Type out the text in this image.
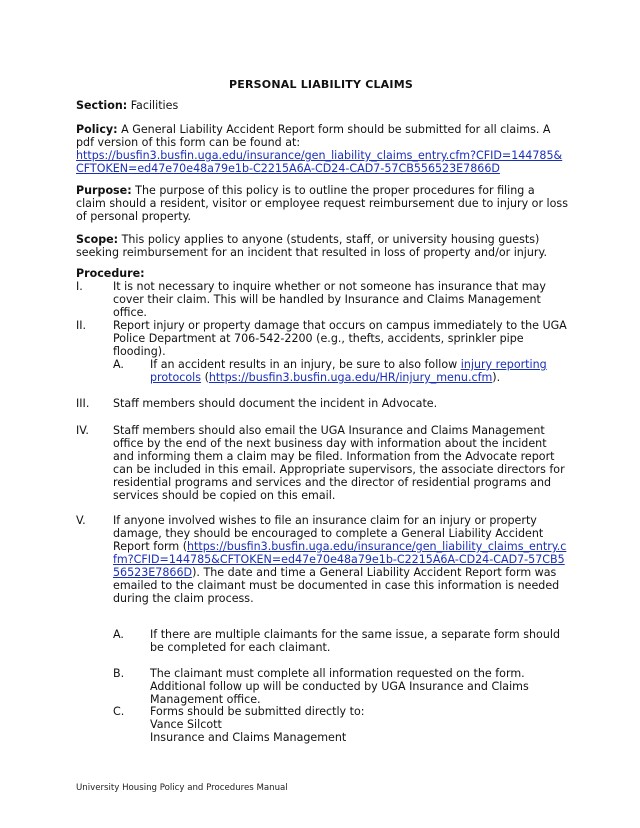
PERSONAL LIABILITY CLAIMS
Section: Facilities
Policy: A General Liability Accident Report form should be submitted for all claims. A pdf version of this form can be found at:
https://busfin3.busfin.uga.edu/insurance/gen_liability_claims_entry.cfm?CFID=144785&CFTOKEN=ed47e70e48a79e1b-C2215A6A-CD24-CAD7-57CB556523E7866D
Purpose: The purpose of this policy is to outline the proper procedures for filing a claim should a resident, visitor or employee request reimbursement due to injury or loss of personal property.
Scope: This policy applies to anyone (students, staff, or university housing guests) seeking reimbursement for an incident that resulted in loss of property and/or injury.
Procedure:
I.	It is not necessary to inquire whether or not someone has insurance that may cover their claim. This will be handled by Insurance and Claims Management office.
II.	Report injury or property damage that occurs on campus immediately to the UGA Police Department at 706-542-2200 (e.g., thefts, accidents, sprinkler pipe flooding).
A.	If an accident results in an injury, be sure to also follow injury reporting protocols (https://busfin3.busfin.uga.edu/HR/injury_menu.cfm).
III.	Staff members should document the incident in Advocate.
IV.	Staff members should also email the UGA Insurance and Claims Management office by the end of the next business day with information about the incident and informing them a claim may be filed. Information from the Advocate report can be included in this email. Appropriate supervisors, the associate directors for residential programs and services and the director of residential programs and services should be copied on this email.
V.	If anyone involved wishes to file an insurance claim for an injury or property damage, they should be encouraged to complete a General Liability Accident Report form (https://busfin3.busfin.uga.edu/insurance/gen_liability_claims_entry.cfm?CFID=144785&CFTOKEN=ed47e70e48a79e1b-C2215A6A-CD24-CAD7-57CB556523E7866D). The date and time a General Liability Accident Report form was emailed to the claimant must be documented in case this information is needed during the claim process.
A.	If there are multiple claimants for the same issue, a separate form should be completed for each claimant.
B.	The claimant must complete all information requested on the form. Additional follow up will be conducted by UGA Insurance and Claims Management office.
C.	Forms should be submitted directly to:
Vance Silcott
Insurance and Claims Management
University Housing Policy and Procedures Manual
